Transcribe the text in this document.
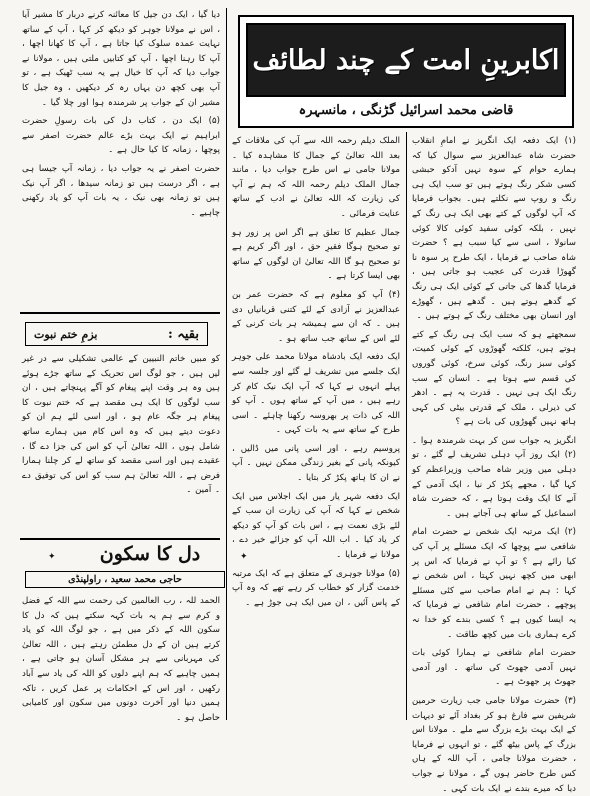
اکابرینِ امت کے چند لطائف
قاضی محمد اسرائیل گڑنگی ، مانسہرہ

(۱) ایک دفعہ ایک انگریز نے امامِ انقلاب حضرت شاہ عبدالعزیز سے سوال کیا کہ ہمارے حوام کے سوہ نہیں آدکو حبشی کسی شکر رنگ ہوتے ہیں تو سب ایک ہی رنگ و روپ سے نکلتے ہیں۔ بجواب فرمایا کہ آپ لوگوں کے کتے بھی ایک ہی رنگ کے نہیں ، بلکہ کوئی سفید کوئی کالا کوئی سانولا ، اسی سے کیا سبب ہے ؟ حضرت شاہ صاحب نے فرمایا ، ایک طرح پر سوہ نا گھوڑا قدرت کی عجیب ہو جاتی ہیں ، فرمایا گدھا کی جاتی کے کوئی ایک ہی رنگ کے گدھے ہوتے ہیں ۔ گدھے ہیں ، گھوڑے اور انسان بھی مختلف رنگ کے ہوتے ہیں ۔

سمجھتے ہو کہ سب ایک ہی رنگ کے کتے ہوتے ہیں، کلکتہ گھوڑوں کے کوئی کمیت، کوئی سبز رنگ، کوئی سرخ، کوئی گوروں کی قسم سے ہوتا ہے ۔ انسان کے سب رنگ ایک ہی نہیں ۔ قدرت یہ ہے ۔ ادھر کی ذیرلی ، ملک کے قدرتی بیٹی کی کہی ہاتھ نہیں گھوڑوں کی بات ہے ؟

انگریز یہ جواب سن کر بہت شرمندہ ہوا ۔ (۲) ایک روز آپ دہلی تشریف لے گئے ، تو دہلی میں وزیر شاہ صاحب وزیراعظم کو کہا گیا ، مجھے پکڑ کر نیا ، ایک آدمی کے آنے کا ایک وقت ہوتا ہے ، کہ حضرت شاہ اسماعیل کے ساتھ ہی آجاتے ہیں ۔

(۲) ایک مرتبہ ایک شخص نے حضرت امام شافعی سے پوچھا کہ ایک مسئلے پر آپ کی کیا رائے ہے ؟ تو آپ نے فرمایا کہ اس پر ابھی میں کچھ نہیں کہتا ، اس شخص نے کہا : ہم نے امام صاحب سے کئی مسئلے پوچھے ، حضرت امام شافعی نے فرمایا کہ یہ ایسا کیوں ہے ؟ کسی بندے کو خدا نہ کرے ہماری بات میں کچھ طاقت ۔

حضرت امام شافعی نے ہمارا کوئی بات نہیں آدمی جھوٹ کی ساتھ ۔ اور آدمی جھوٹ پر جھوٹ ہے ۔

(۳) حضرت مولانا جامی جب زیارت حرمین شریفین سے فارغ ہو کر بغداد آئے تو دیہات کے ایک بہت بڑے بزرگ سے ملے ۔ مولانا اس بزرگ کے پاس بیٹھ گئے ، تو انہوں نے فرمایا ، حضرت مولانا جامی ، آپ اللہ کے ہاں کس طرح حاضر ہوں گے ، مولانا نے جواب دیا کہ میرے بندے نے ایک بات کہی ۔

الملک دیلم رحمہ اللہ سے آپ کی ملاقات کے بعد اللہ تعالیٰ کے جمال کا مشاہدہ کیا ۔ مولانا جامی نے اس طرح جواب دیا ، مانند جمال الملک دیلم رحمہ اللہ کہ ہم نے آپ کی زیارت کہ اللہ تعالیٰ نے ادب کے ساتھ عنایت فرمائی ۔

جمال عظیم کا تعلق ہے اگر اس پر زور ہو تو صحیح ہوگا فقیرِ حق ، اور اگر کریم ہے تو صحیح ہو گا اللہ تعالیٰ ان لوگوں کے ساتھ بھی ایسا کرتا ہے ۔

(۴) آپ کو معلوم ہے کہ حضرت عمر بن عبدالعزیز نے آزادی کے لئے کتنی قربانیاں دی ہیں ۔ کہ ان سے ہمیشہ ہر بات کرنی کے لئے اس کے ساتھ جب ساتھ ہو ۔

ایک دفعہ ایک بادشاہ مولانا محمد علی جوہر ایک جلسے میں تشریف لے گئے اور جلسہ سے پہلے انہوں نے کہا کہ آپ ایک نیک کام کر رہے ہیں ، میں آپ کے ساتھ ہوں ۔ آپ کو اللہ کی ذات پر بھروسہ رکھنا چاہئے ۔ اسی طرح کے ساتھ سے یہ بات کہی ۔

پروسیم رہے ، اور اسی پانی میں ڈالیں ، کیونکہ پانی کے بغیر زندگی ممکن نہیں ۔ آپ نے ان کا ہاتھ پکڑ کر بتایا ۔

ایک دفعہ شہر یار میں ایک اجلاس میں ایک شخص نے کہا کہ آپ کی زیارت ان سب کے لئے بڑی نعمت ہے ، اس بات کو آپ کو دیکھ کر یاد کیا ۔ اب اللہ آپ کو جزائے خیر دے ، مولانا نے فرمایا ۔

(۵) مولانا جوہری کے متعلق ہے کہ ایک مرتبہ خدمت گزار کو خطاب کر رہے تھے کہ وہ آپ کے پاس آئیں ، ان میں ایک ہی جوڑ ہے ۔

دیا گیا ، ایک دن جیل کا معائنہ کرنے دربار کا مشیر آیا ، اس نے مولانا جوہر کو دیکھ کر کہا ، آپ کے ساتھ نہایت عمدہ سلوک کیا جاتا ہے ، آپ کا کھانا اچھا ، آپ کا رہنا اچھا ، آپ کو کتابیں ملتی ہیں ، مولانا نے جواب دیا کہ آپ کا خیال ہے یہ سب ٹھیک ہے ، تو آپ بھی کچھ دن یہاں رہ کر دیکھیں ، وہ جیل کا مشیر ان کے جواب پر شرمندہ ہوا اور چلا گیا ۔

(۵) ایک دن ، کتاب دل کی بات رسولِ حضرت ابراہیم نے ایک بہت بڑے عالم حضرت اصفر سے پوچھا ، زمانہ کا کیا حال ہے ۔

حضرت اصفر نے یہ جواب دیا ، زمانہ آپ جیسا ہی ہے ، اگر درست ہیں تو زمانہ سیدھا ، اگر آپ نیک ہیں تو زمانہ بھی نیک ، یہ بات آپ کو یاد رکھنی چاہیے ۔

بقیہ :
بزمِ ختم نبوت

کو مبیں خاتم النبیین کے عالمی تشکیلی سے در غیر لیں ہیں ، جو لوگ اس تحریک کے ساتھ جڑے ہوئے ہیں وہ ہر وقت اپنے پیغام کو آگے پہنچاتے ہیں ، ان سب لوگوں کا ایک ہی مقصد ہے کہ ختم نبوت کا پیغام ہر جگہ عام ہو ، اور اسی لئے ہم ان کو دعوت دیتے ہیں کہ وہ اس کام میں ہمارے ساتھ شامل ہوں ، اللہ تعالیٰ آپ کو اس کی جزا دے گا ، عقیدے ہیں اور اسی مقصد کو ساتھ لے کر چلنا ہمارا فرض ہے ، اللہ تعالیٰ ہم سب کو اس کی توفیق دے ۔ آمین ۔

دل کا سکون
✦	✦
حاجی محمد سعید ، راولپنڈی

الحمد للہ ، رب العالمین کی رحمت سے اللہ کے فضل و کرم سے ہم یہ بات کہہ سکتے ہیں کہ دل کا سکون اللہ کے ذکر میں ہے ، جو لوگ اللہ کو یاد کرتے ہیں ان کے دل مطمئن رہتے ہیں ، اللہ تعالیٰ کی مہربانی سے ہر مشکل آسان ہو جاتی ہے ، ہمیں چاہیے کہ ہم اپنے دلوں کو اللہ کی یاد سے آباد رکھیں ، اور اس کے احکامات پر عمل کریں ، تاکہ ہمیں دنیا اور آخرت دونوں میں سکون اور کامیابی حاصل ہو ۔
